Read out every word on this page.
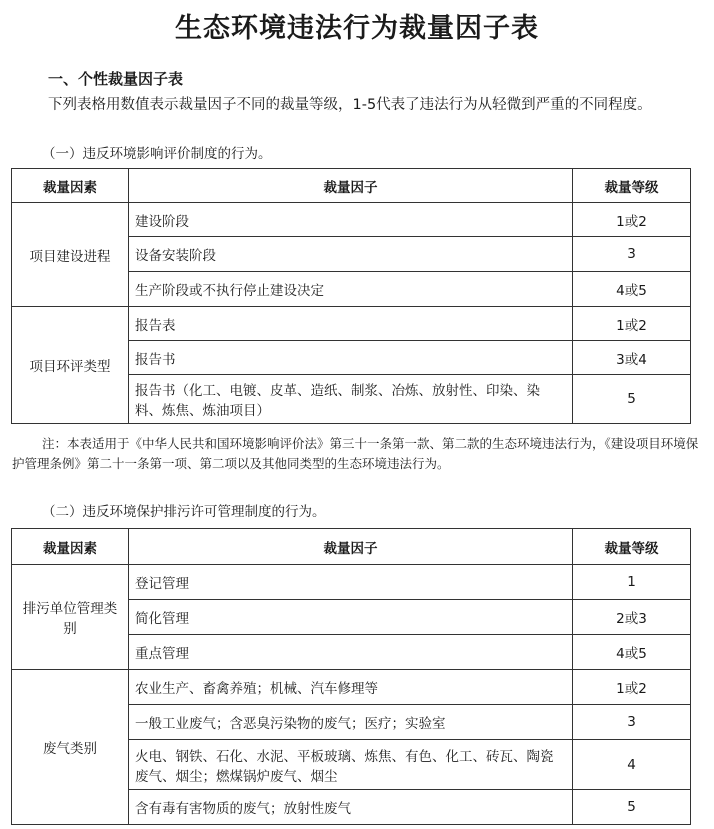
生态环境违法行为裁量因子表
一、个性裁量因子表
下列表格用数值表示裁量因子不同的裁量等级，1-5代表了违法行为从轻微到严重的不同程度。
（一）违反环境影响评价制度的行为。
裁量因素	裁量因子	裁量等级
项目建设进程	建设阶段	1或2
	设备安装阶段	3
	生产阶段或不执行停止建设决定	4或5
项目环评类型	报告表	1或2
	报告书	3或4
	报告书（化工、电镀、皮革、造纸、制浆、冶炼、放射性、印染、染料、炼焦、炼油项目）	5
注：本表适用于《中华人民共和国环境影响评价法》第三十一条第一款、第二款的生态环境违法行为，《建设项目环境保护管理条例》第二十一条第一项、第二项以及其他同类型的生态环境违法行为。
（二）违反环境保护排污许可管理制度的行为。
裁量因素	裁量因子	裁量等级
排污单位管理类别	登记管理	1
	简化管理	2或3
	重点管理	4或5
废气类别	农业生产、畜禽养殖；机械、汽车修理等	1或2
	一般工业废气；含恶臭污染物的废气；医疗；实验室	3
	火电、钢铁、石化、水泥、平板玻璃、炼焦、有色、化工、砖瓦、陶瓷废气、烟尘；燃煤锅炉废气、烟尘	4
	含有毒有害物质的废气；放射性废气	5
